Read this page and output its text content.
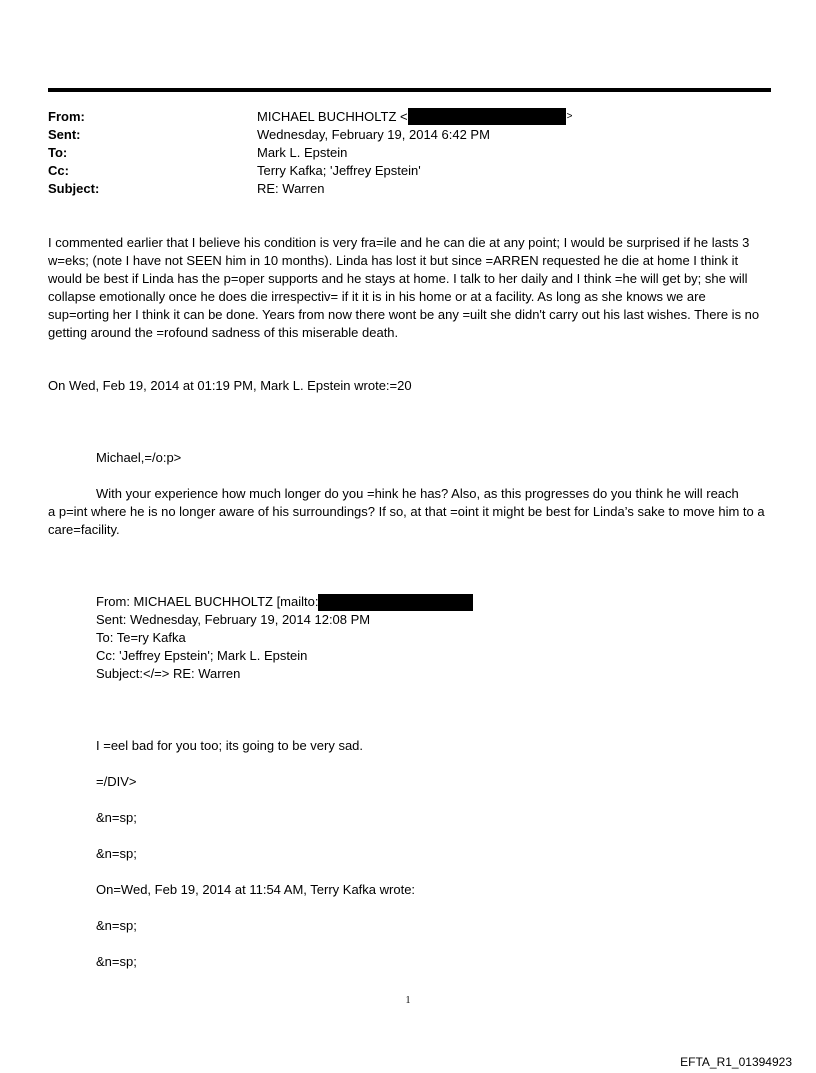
From:	MICHAEL BUCHHOLTZ <	>
Sent:	Wednesday, February 19, 2014 6:42 PM
To:	Mark L. Epstein
Cc:	Terry Kafka; 'Jeffrey Epstein'
Subject:	RE: Warren
I commented earlier that I believe his condition is very fra=ile and he can die at any point; I would be surprised if he lasts 3 w=eks; (note I have not SEEN him in 10 months). Linda has lost it but since =ARREN requested he die at home I think it would be best if Linda has the p=oper supports and he stays at home. I talk to her daily and I think =he will get by; she will collapse emotionally once he does die irrespectiv= if it it is in his home or at a facility. As long as she knows we are sup=orting her I think it can be done. Years from now there wont be any =uilt she didn't carry out his last wishes. There is no getting around the =rofound sadness of this miserable death.
On Wed, Feb 19, 2014 at 01:19 PM, Mark L. Epstein wrote:=20
Michael,=/o:p>
With your experience how much longer do you =hink he has? Also, as this progresses do you think he will reach
a p=int where he is no longer aware of his surroundings? If so, at that =oint it might be best for Linda’s sake to move him to a care=facility.
From: MICHAEL BUCHHOLTZ [mailto:
Sent: Wednesday, February 19, 2014 12:08 PM
To: Te=ry Kafka
Cc: 'Jeffrey Epstein'; Mark L. Epstein
Subject:</=> RE: Warren
I =eel bad for you too; its going to be very sad.
=/DIV>
&n=sp;
&n=sp;
On=Wed, Feb 19, 2014 at 11:54 AM, Terry Kafka wrote:
&n=sp;
&n=sp;
1
EFTA_R1_01394923
